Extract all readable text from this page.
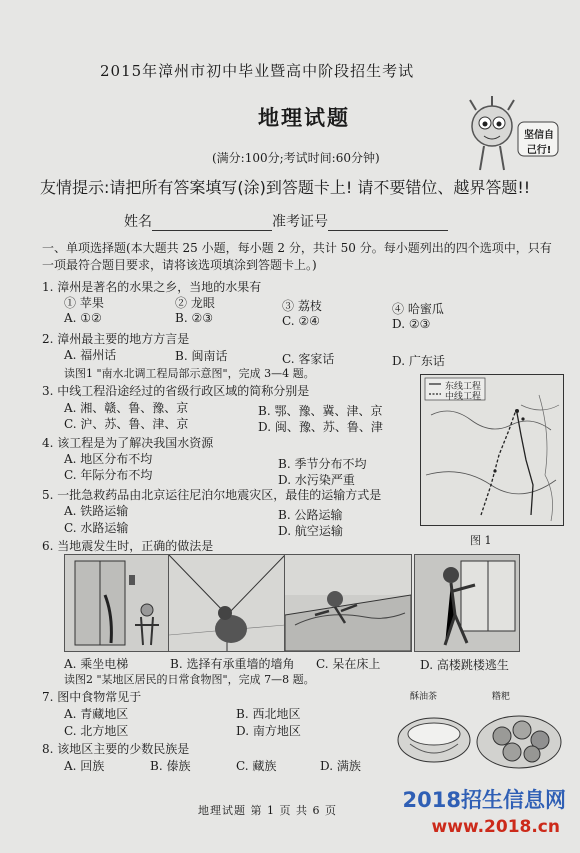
2015年漳州市初中毕业暨高中阶段招生考试
地理试题
(满分:100分;考试时间:60分钟)
坚信自己行!
友情提示:请把所有答案填写(涂)到答题卡上! 请不要错位、越界答题!!
姓名	准考证号
一、单项选择题(本大题共 25 小题，每小题 2 分，共计 50 分。每小题列出的四个选项中，只有一项最符合题目要求，请将该选项填涂到答题卡上。)
1. 漳州是著名的水果之乡，当地的水果有
① 苹果	② 龙眼	③ 荔枝	④ 哈蜜瓜
A. ①②	B. ②③	C. ②④	D. ②③
2. 漳州最主要的地方方言是
A. 福州话	B. 闽南话	C. 客家话	D. 广东话
读图1 "南水北调工程局部示意图"，完成 3—4 题。
3. 中线工程沿途经过的省级行政区域的简称分别是
A. 湘、赣、鲁、豫、京	B. 鄂、豫、冀、津、京
C. 沪、苏、鲁、津、京	D. 闽、豫、苏、鲁、津
4. 该工程是为了解决我国水资源
A. 地区分布不均	B. 季节分布不均
C. 年际分布不均	D. 水污染严重
5. 一批急救药品由北京运往尼泊尔地震灾区，最佳的运输方式是
A. 铁路运输	B. 公路运输
C. 水路运输	D. 航空运输
东线工程
中线工程
图 1
6. 当地震发生时，正确的做法是
A. 乘坐电梯	B. 选择有承重墙的墙角 C. 呆在床上	D. 高楼跳楼逃生
读图2 "某地区居民的日常食物图"，完成 7—8 题。
7. 图中食物常见于
A. 青藏地区	B. 西北地区
C. 北方地区	D. 南方地区
8. 该地区主要的少数民族是
A. 回族	B. 傣族	C. 藏族	D. 满族
酥油茶	糌粑
地理试题 第 1 页 共 6 页	2018招生信息网
www.2018.cn
